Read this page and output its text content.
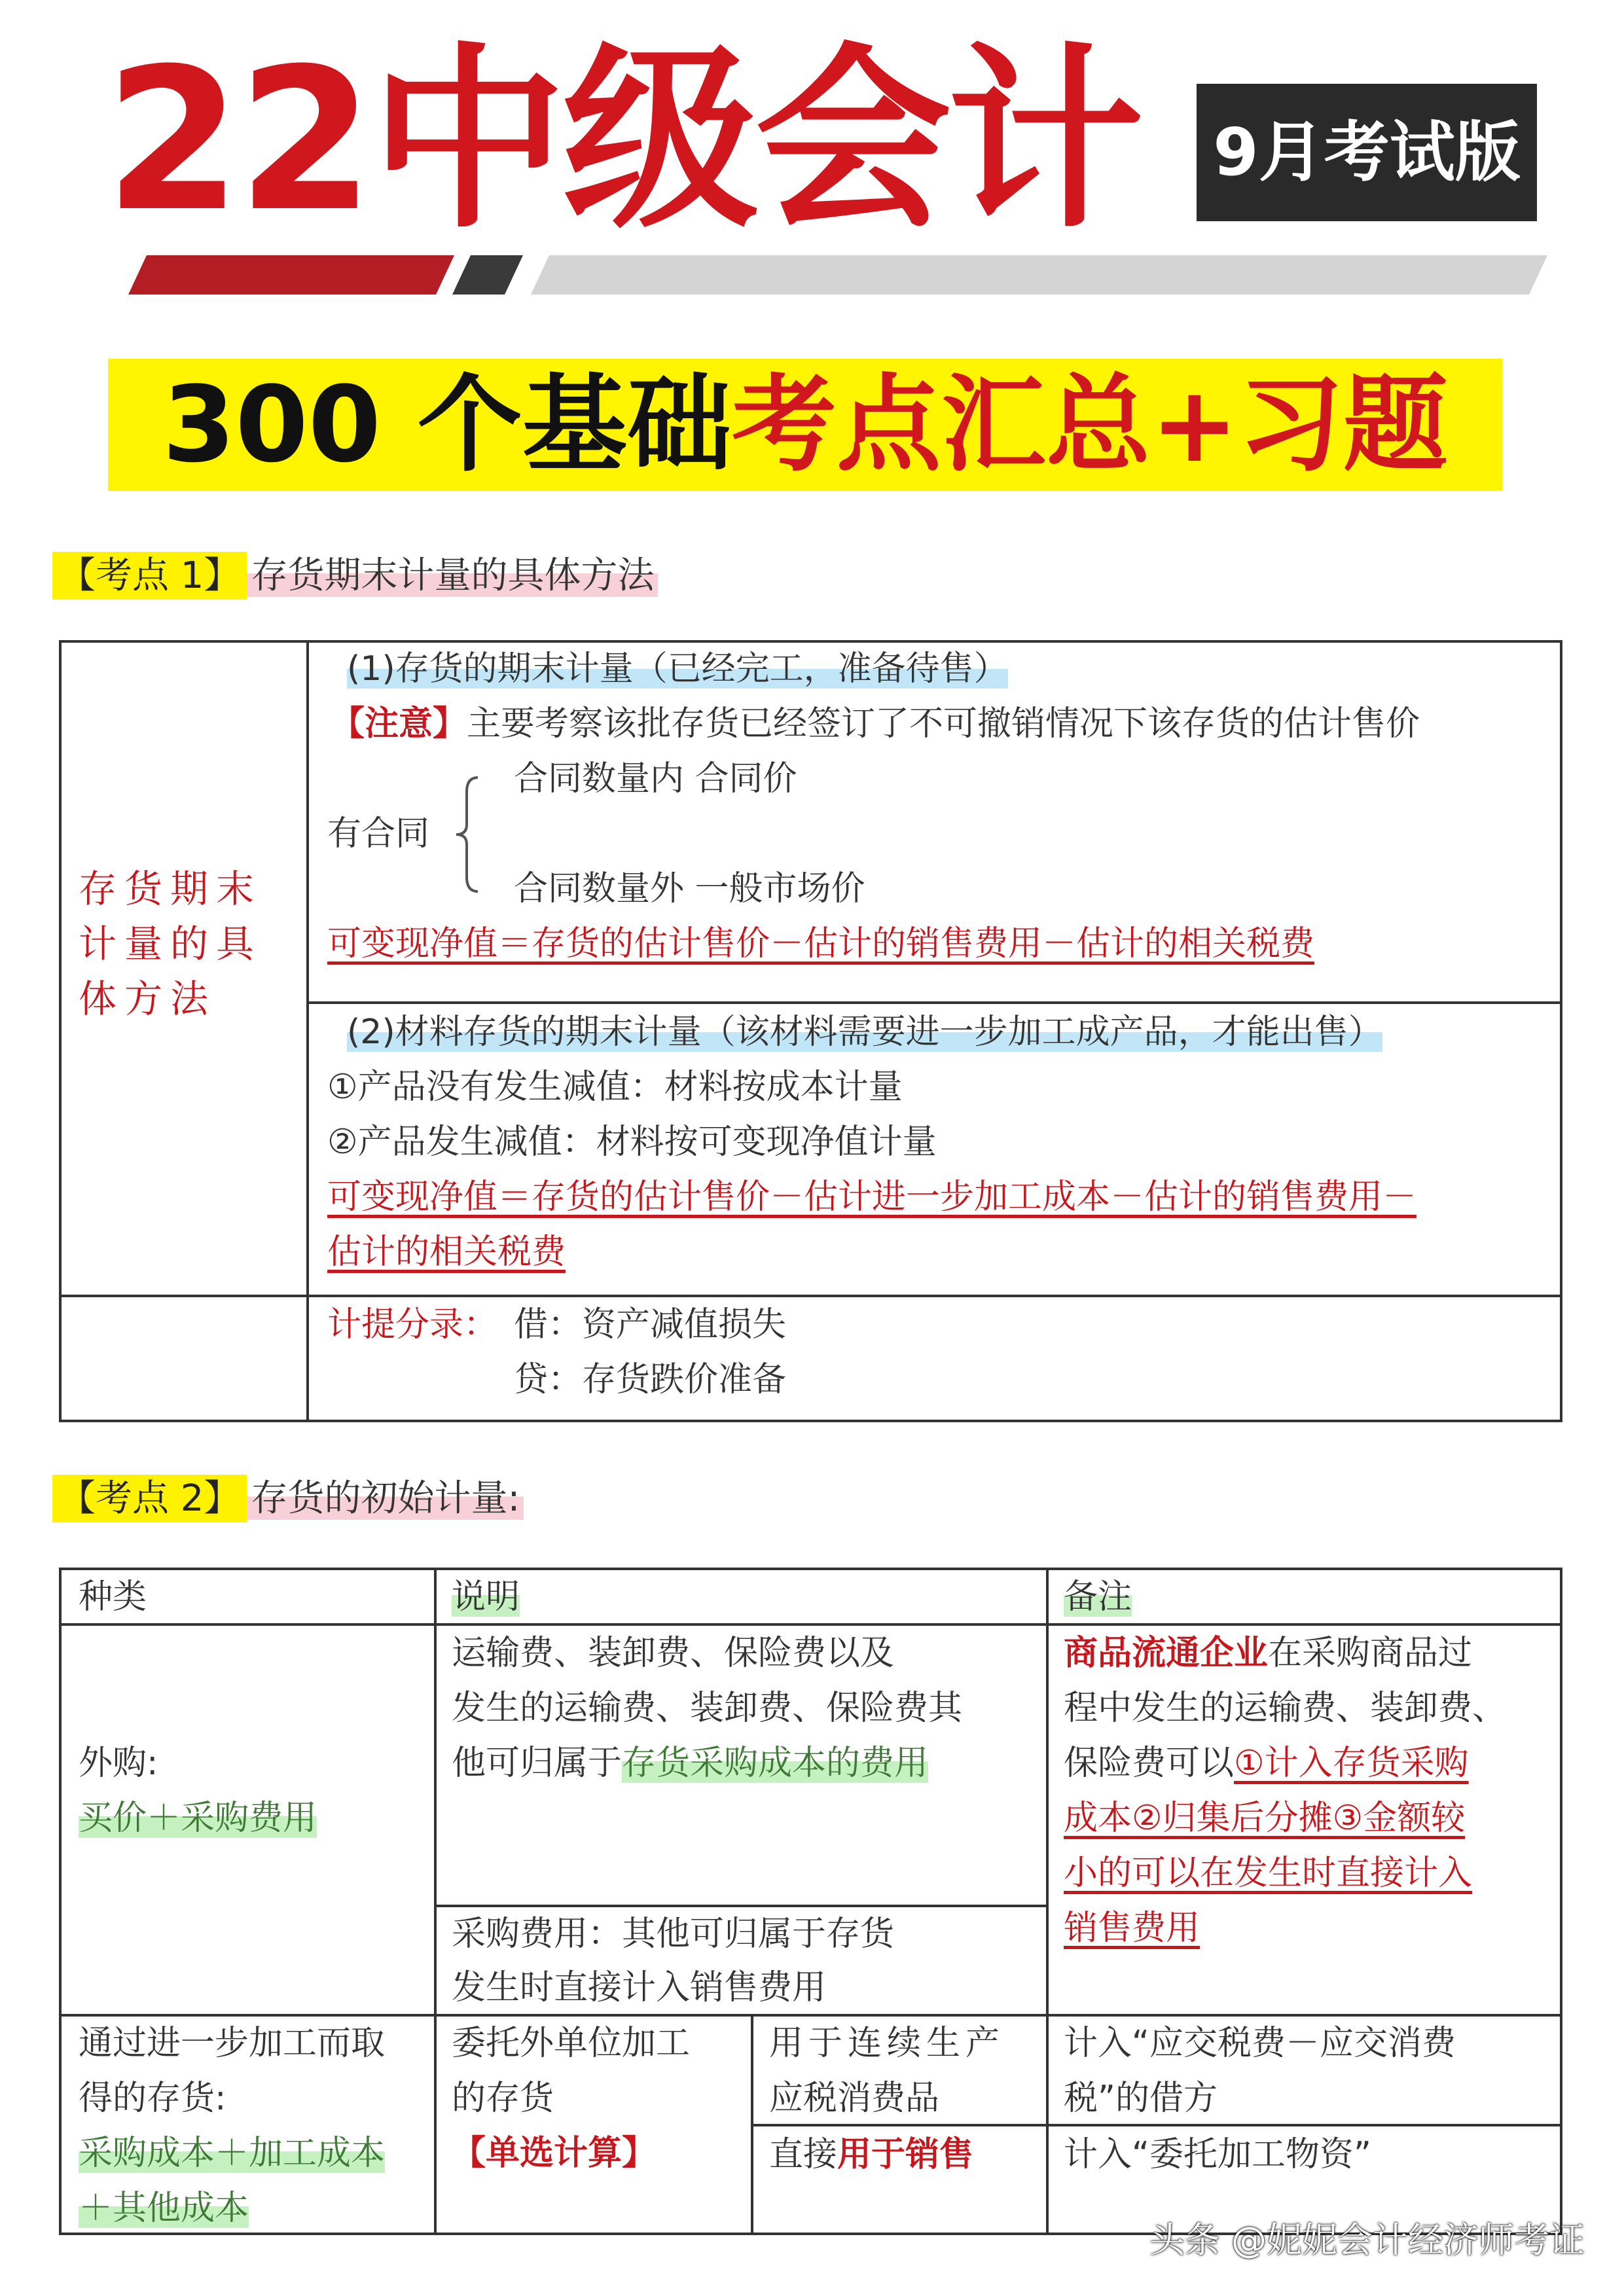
22中级会计 9月考试版
300 个基础考点汇总+习题
【考点 1】 存货期末计量的具体方法
存货期末计量的具体方法
(1)存货的期末计量（已经完工，准备待售）
【注意】主要考察该批存货已经签订了不可撤销情况下该存货的估计售价
合同数量内 合同价
有合同
合同数量外 一般市场价
可变现净值＝存货的估计售价－估计的销售费用－估计的相关税费
(2)材料存货的期末计量（该材料需要进一步加工成产品，才能出售）
①产品没有发生减值：材料按成本计量
②产品发生减值：材料按可变现净值计量
可变现净值＝存货的估计售价－估计进一步加工成本－估计的销售费用－
估计的相关税费
计提分录： 借：资产减值损失
贷：存货跌价准备
【考点 2】 存货的初始计量:
种类	说明	备注
外购:
买价＋采购费用
运输费、装卸费、保险费以及
发生的运输费、装卸费、保险费其
他可归属于存货采购成本的费用
采购费用：其他可归属于存货
发生时直接计入销售费用
商品流通企业在采购商品过
程中发生的运输费、装卸费、
保险费可以①计入存货采购
成本②归集后分摊③金额较
小的可以在发生时直接计入
销售费用
通过进一步加工而取
得的存货:
采购成本＋加工成本
＋其他成本
委托外单位加工
的存货
【单选计算】
用于连续生产
应税消费品
直接用于销售
计入“应交税费－应交消费
税”的借方
计入“委托加工物资”
头条 @妮妮会计经济师考证
